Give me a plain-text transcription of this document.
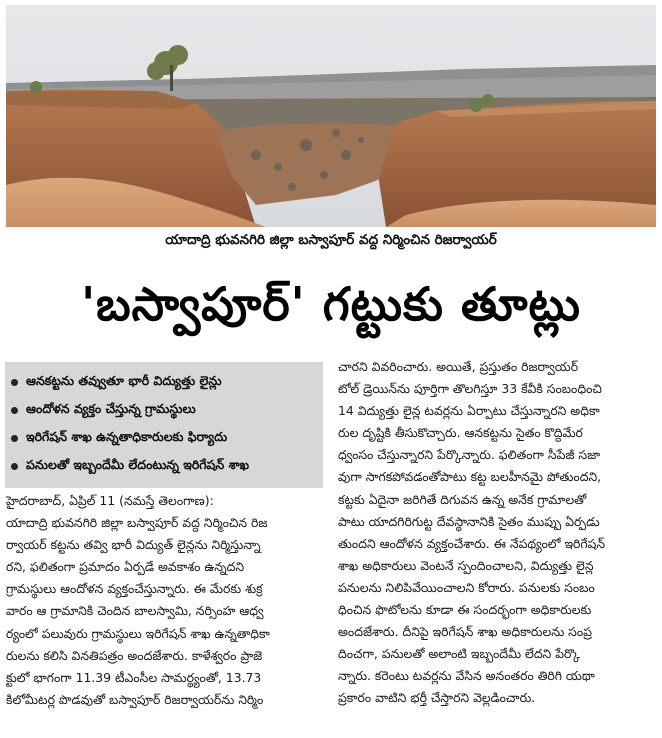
యాదాద్రి భువనగిరి జిల్లా బస్వాపూర్ వద్ద నిర్మించిన రిజర్వాయర్
'బస్వాపూర్' గట్టుకు తూట్లు
ఆనకట్టను తవ్వుతూ భారీ విద్యుత్తు లైన్లు
ఆందోళన వ్యక్తం చేస్తున్న గ్రామస్థులు
ఇరిగేషన్ శాఖ ఉన్నతాధికారులకు ఫిర్యాదు
పనులతో ఇబ్బందేమీ లేదంటున్న ఇరిగేషన్ శాఖ
హైదరాబాద్, ఏప్రిల్ 11 (నమస్తే తెలంగాణ):
యాదాద్రి భువనగిరి జిల్లా బస్వాపూర్ వద్ద నిర్మించిన రిజ
ర్వాయర్ కట్టను తవ్వి భారీ విద్యుత్ లైన్లను నిర్మిస్తున్నా
రని, ఫలితంగా ప్రమాదం ఏర్పడే అవకాశం ఉన్నదని
గ్రామస్థులు ఆందోళన వ్యక్తంచేస్తున్నారు. ఈ మేరకు శుక్ర
వారం ఆ గ్రామానికి చెందిన బాలస్వామి, నర్సింహ ఆధ్వ
ర్యంలో పలువురు గ్రామస్థులు ఇరిగేషన్ శాఖ ఉన్నతాధికా
రులను కలిసి వినతిపత్రం అందజేశారు. కాళేశ్వరం ప్రాజె
క్టులో భాగంగా 11.39 టీఎంసీల సామర్థ్యంతో, 13.73
కిలోమీటర్ల పొడవుతో బస్వాపూర్ రిజర్వాయర్‌ను నిర్మిం
చారని వివరించారు. అయితే, ప్రస్తుతం రిజర్వాయర్
టోల్ డ్రెయిన్‌ను పూర్తిగా తొలగిస్తూ 33 కేవీకి సంబంధించి
14 విద్యుత్తు లైన్ల టవర్లను ఏర్పాటు చేస్తున్నారని అధికా
రుల దృష్టికి తీసుకొచ్చారు. ఆనకట్టను సైతం కొద్దిమేర
ధ్వంసం చేస్తున్నారని పేర్కొన్నారు. ఫలితంగా సీపేజీ సజా
వుగా సాగకపోవడంతోపాటు కట్ట బలహీనమై పోతుందని,
కట్టకు ఏదైనా జరిగితే దిగువన ఉన్న అనేక గ్రామాలతో
పాటు యాదగిరిగుట్ట దేవస్థానానికి సైతం ముప్పు ఏర్పడు
తుందని ఆందోళన వ్యక్తంచేశారు. ఈ నేపథ్యంలో ఇరిగేషన్
శాఖ అధికారులు వెంటనే స్పందించాలని, విద్యుత్తు లైన్ల
పనులను నిలిపివేయించాలని కోరారు. పనులకు సంబం
ధించిన ఫొటోలను కూడా ఈ సందర్భంగా అధికారులకు
అందజేశారు. దీనిపై ఇరిగేషన్ శాఖ అధికారులను సంప్ర
దించగా, పనులతో అలాంటి ఇబ్బందేమీ లేదని పేర్కొ
న్నారు. కరెంటు టవర్లను వేసిన అనంతరం తిరిగి యథా
ప్రకారం వాటిని భర్తీ చేస్తారని వెల్లడించారు.
